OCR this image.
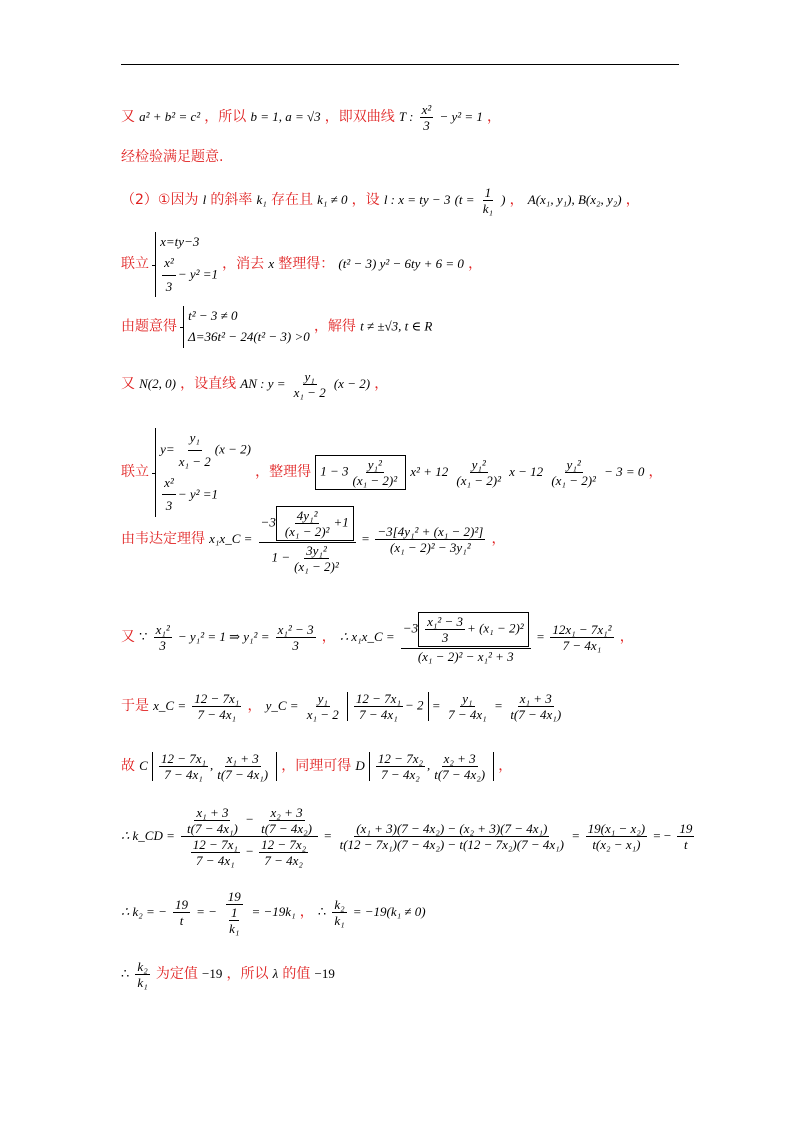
又 a² + b² = c² ，所以 b = 1, a = √3 ，即双曲线 T : $\frac{\text{x²}}{3} - y^2 = 1$ ，
经检验满足题意.
（2）①因为 l 的斜率 k₁ 存在且 k₁ ≠ 0 ，设 l : x = ty − 3 ($t = \frac{1}{\text{k₁}}$ ) ， A(x₁, y₁), B(x₂, y₂) ，
联立
x=ty−3
$\frac{\text{x²}}{3} - y^2 =1$
，消去 x 整理得： (t² − 3) y² − 6ty + 6 = 0 ，
由题意得
t² − 3 ≠ 0
Δ=36t² − 24(t² − 3) >0
，解得 t ≠ ±√3, t ∈ R
又 N(2, 0) ，设直线 AN : $y = \frac{\text{y₁}}{\text{x₁ − 2}} (x - 2)$ ，
联立
$y= \frac{\text{y₁}}{\text{x₁ − 2}} (x - 2)$
$\frac{\text{x²}}{3} - y^2 =1$
，整理得 $1 - 3 \frac{\text{y₁²}}{\text{(x₁ − 2)²}} x^2 + 12 \frac{\text{y₁²}}{\text{(x₁ − 2)²}}$ $x - 12 \frac{\text{y₁²}}{\text{(x₁ − 2)²}} - 3 = 0$ ，
由韦达定理得 x₁x_C = $\frac{-3 \frac{\text{4y₁²}}{\text{(x₁ − 2)²}} +1}{1 - \frac{\text{3y₁²}}{\text{(x₁ − 2)²}}} = \frac{\text{−3[4y₁² + (x₁ − 2)²]}}{\text{(x₁ − 2)² − 3y₁²}}$ ，
又 ∵ $\frac{\text{x₁²}}{3} - y_1^2 = 1$ ⇒ $y_1^2 = \frac{\text{x₁² − 3}}{3}$ ， ∴ x₁x_C = $\frac{-3 \frac{\text{x₁² − 3}}{3} + (x_1 - 2)^2}{\text{(x₁ − 2)² − x₁² + 3}} = \frac{\text{12x₁ − 7x₁²}}{\text{7 − 4x₁}}$ ，
于是 x_C = $\frac{\text{12 − 7x₁}}{\text{7 − 4x₁}}$ ， y_C = $\frac{\text{y₁}}{\text{x₁ − 2}}$
$\frac{\text{12 − 7x₁}}{\text{7 − 4x₁}} - 2 = \frac{\text{y₁}}{\text{7 − 4x₁}} = \frac{\text{x₁ + 3}}{\text{t(7 − 4x₁)}}$
故 C $\frac{\text{12 − 7x₁}}{\text{7 − 4x₁}}$ , $\frac{\text{x₁ + 3}}{\text{t(7 − 4x₁)}}$ ，同理可得 D $\frac{\text{12 − 7x₂}}{\text{7 − 4x₂}}$ , $\frac{\text{x₂ + 3}}{\text{t(7 − 4x₂)}}$ ，
∴ k_CD = $\frac{\frac{\text{x₁ + 3}}{\text{t(7 − 4x₁)}} - \frac{\text{x₂ + 3}}{\text{t(7 − 4x₂)}}}{\frac{\text{12 − 7x₁}}{\text{7 − 4x₁}} - \frac{\text{12 − 7x₂}}{\text{7 − 4x₂}}} = \frac{\text{(x₁ + 3)(7 − 4x₂) − (x₂ + 3)(7 − 4x₁)}}{\text{t(12 − 7x₁)(7 − 4x₂) − t(12 − 7x₂)(7 − 4x₁)}} = \frac{\text{19(x₁ − x₂)}}{\text{t(x₂ − x₁)}}$ = − $\frac{19}{t}$
∴ k₂ = − $\frac{19}{t}$ = − $\frac{19}{\frac{1}{\text{k₁}}} = -19k_1$ ， ∴ $\frac{\text{k₂}}{\text{k₁}} = -19(k_1 \ne 0)$
∴ $\frac{\text{k₂}}{\text{k₁}}$ 为定值 −19 ，所以 λ 的值 −19
